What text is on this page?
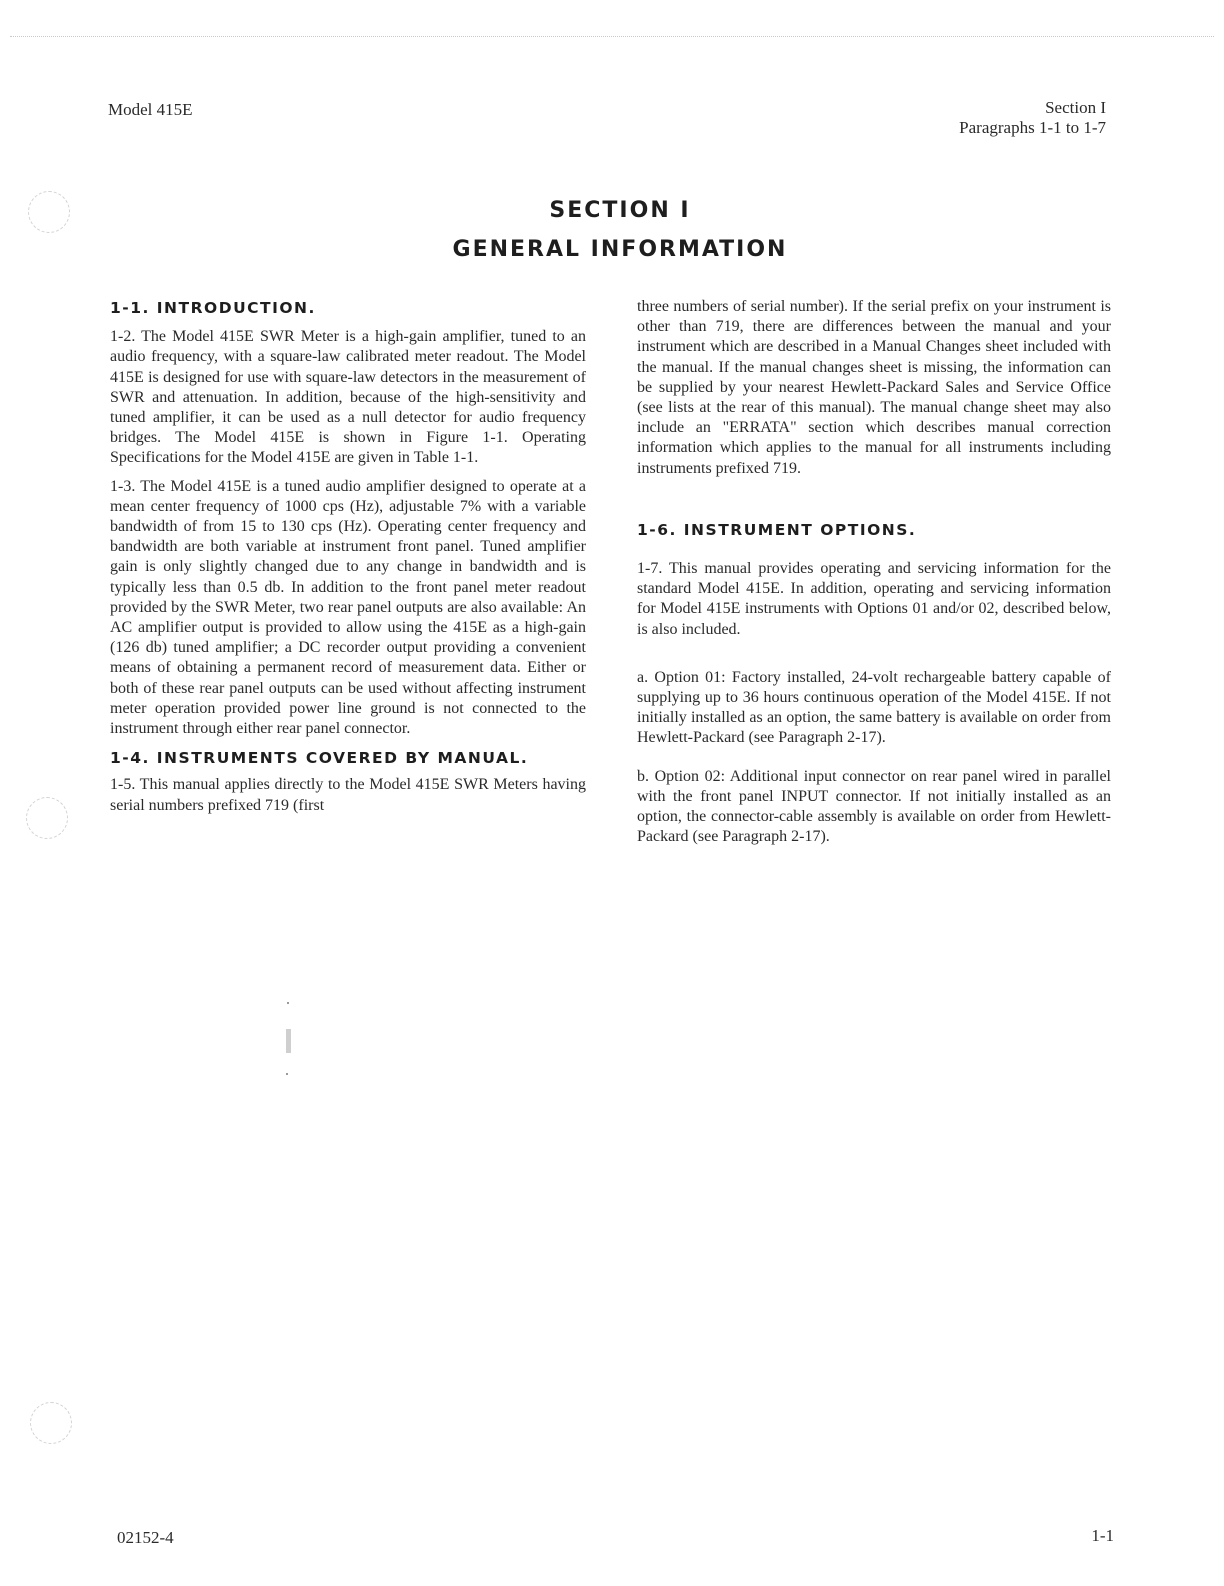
Model 415E	Section I
Paragraphs 1-1 to 1-7
SECTION I
GENERAL INFORMATION

1-1. INTRODUCTION.

1-2. The Model 415E SWR Meter is a high-gain amplifier, tuned to an audio frequency, with a square-law calibrated meter readout. The Model 415E is designed for use with square-law detectors in the measurement of SWR and attenuation. In addition, because of the high-sensitivity and tuned amplifier, it can be used as a null detector for audio frequency bridges. The Model 415E is shown in Figure 1-1. Operating Specifications for the Model 415E are given in Table 1-1.

1-3. The Model 415E is a tuned audio amplifier designed to operate at a mean center frequency of 1000 cps (Hz), adjustable 7% with a variable bandwidth of from 15 to 130 cps (Hz). Operating center frequency and bandwidth are both variable at instrument front panel. Tuned amplifier gain is only slightly changed due to any change in bandwidth and is typically less than 0.5 db. In addition to the front panel meter readout provided by the SWR Meter, two rear panel outputs are also available: An AC amplifier output is provided to allow using the 415E as a high-gain (126 db) tuned amplifier; a DC recorder output providing a convenient means of obtaining a permanent record of measurement data. Either or both of these rear panel outputs can be used without affecting instrument meter operation provided power line ground is not connected to the instrument through either rear panel connector.

1-4. INSTRUMENTS COVERED BY MANUAL.

1-5. This manual applies directly to the Model 415E SWR Meters having serial numbers prefixed 719 (first

three numbers of serial number). If the serial prefix on your instrument is other than 719, there are differences between the manual and your instrument which are described in a Manual Changes sheet included with the manual. If the manual changes sheet is missing, the information can be supplied by your nearest Hewlett-Packard Sales and Service Office (see lists at the rear of this manual). The manual change sheet may also include an "ERRATA" section which describes manual correction information which applies to the manual for all instruments including instruments prefixed 719.

1-6. INSTRUMENT OPTIONS.

1-7. This manual provides operating and servicing information for the standard Model 415E. In addition, operating and servicing information for Model 415E instruments with Options 01 and/or 02, described below, is also included.

a. Option 01: Factory installed, 24-volt rechargeable battery capable of supplying up to 36 hours continuous operation of the Model 415E. If not initially installed as an option, the same battery is available on order from Hewlett-Packard (see Paragraph 2-17).

b. Option 02: Additional input connector on rear panel wired in parallel with the front panel INPUT connector. If not initially installed as an option, the connector-cable assembly is available on order from Hewlett-Packard (see Paragraph 2-17).

02152-4	1-1
